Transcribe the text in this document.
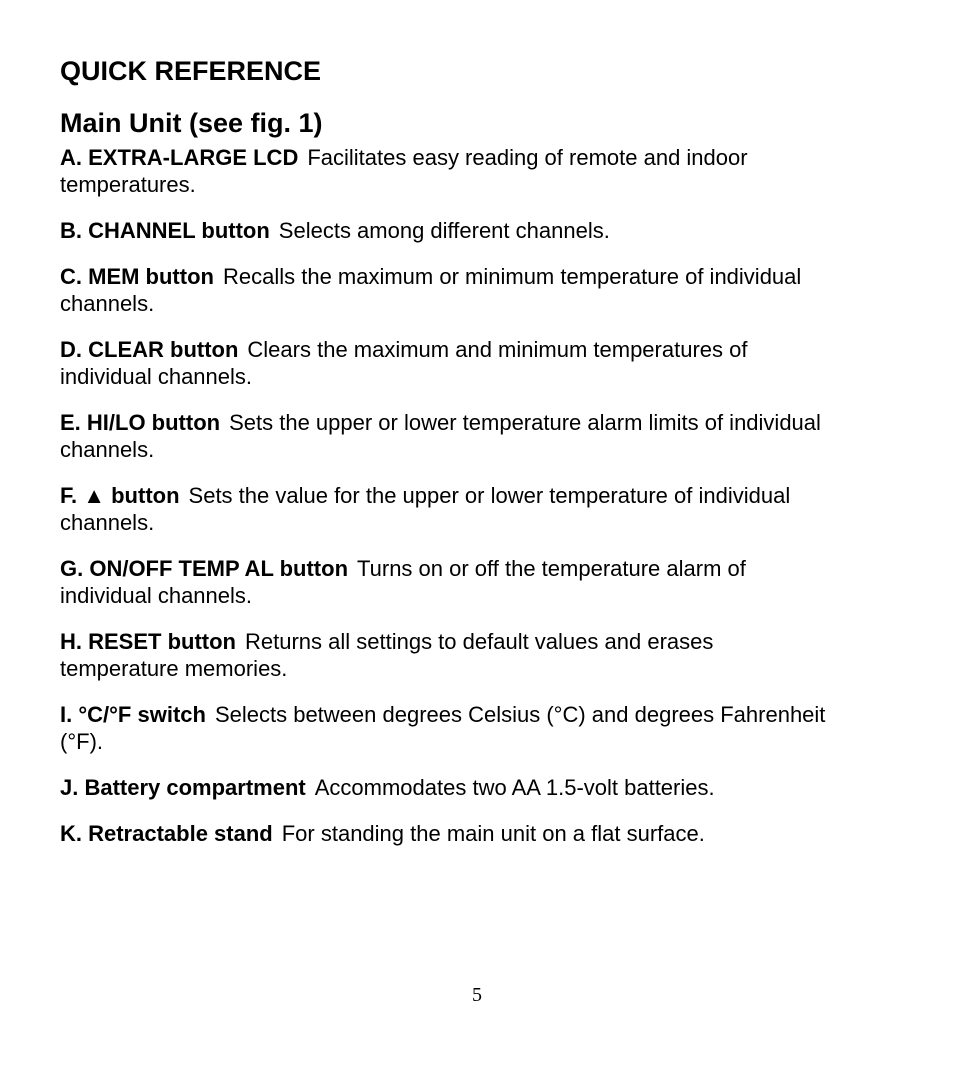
QUICK REFERENCE

Main Unit (see fig. 1)

A. EXTRA-LARGE LCD Facilitates easy reading of remote and indoor temperatures.

B. CHANNEL button Selects among different channels.

C. MEM button Recalls the maximum or minimum temperature of individual channels.

D. CLEAR button Clears the maximum and minimum temperatures of individual channels.

E. HI/LO button Sets the upper or lower temperature alarm limits of individual channels.

F. ▲ button Sets the value for the upper or lower temperature of individual channels.

G. ON/OFF TEMP AL button Turns on or off the temperature alarm of individual channels.

H. RESET button Returns all settings to default values and erases temperature memories.

I. °C/°F switch Selects between degrees Celsius (°C) and degrees Fahrenheit (°F).

J. Battery compartment Accommodates two AA 1.5-volt batteries.

K. Retractable stand For standing the main unit on a flat surface.

5
